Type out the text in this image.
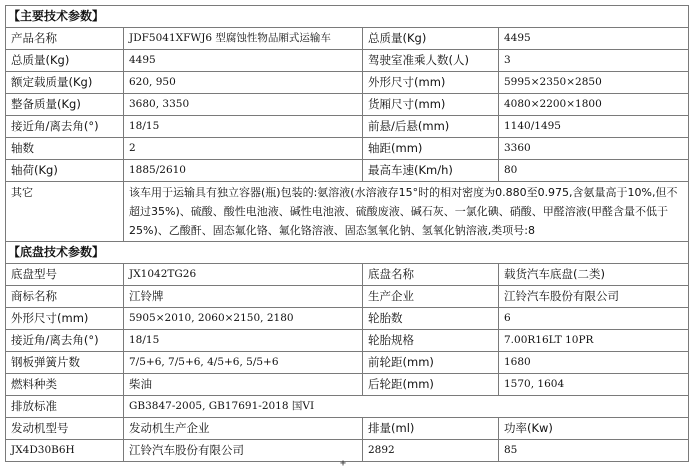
【主要技术参数】			
产品名称	JDF5041XFWJ6 型腐蚀性物品厢式运输车	总质量(Kg)	4495
总质量(Kg)	4495	驾驶室准乘人数(人)	3
额定载质量(Kg)	620, 950	外形尺寸(mm)	5995×2350×2850
整备质量(Kg)	3680, 3350	货厢尺寸(mm)	4080×2200×1800
接近角/离去角(°)	18/15	前悬/后悬(mm)	1140/1495
轴数	2	轴距(mm)	3360
轴荷(Kg)	1885/2610	最高车速(Km/h)	80
其它	该车用于运输具有独立容器(瓶)包装的:氨溶液(水溶液存15°时的相对密度为0.880至0.975,含氨量高于10%,但不超过35%)、硫酸、酸性电池液、碱性电池液、硫酸废液、碱石灰、一氯化碘、硝酸、甲醛溶液(甲醛含量不低于25%)、乙酸酐、固态氟化铬、氟化铬溶液、固态氢氧化钠、氢氧化钠溶液,类项号:8		
【底盘技术参数】			
底盘型号	JX1042TG26	底盘名称	载货汽车底盘(二类)
商标名称	江铃牌	生产企业	江铃汽车股份有限公司
外形尺寸(mm)	5905×2010, 2060×2150, 2180	轮胎数	6
接近角/离去角(°)	18/15	轮胎规格	7.00R16LT 10PR
钢板弹簧片数	7/5+6, 7/5+6, 4/5+6, 5/5+6	前轮距(mm)	1680
燃料种类	柴油	后轮距(mm)	1570, 1604
排放标准	GB3847-2005, GB17691-2018 国VI		
发动机型号	发动机生产企业	排量(ml)	功率(Kw)
JX4D30B6H	江铃汽车股份有限公司	2892	85
+
